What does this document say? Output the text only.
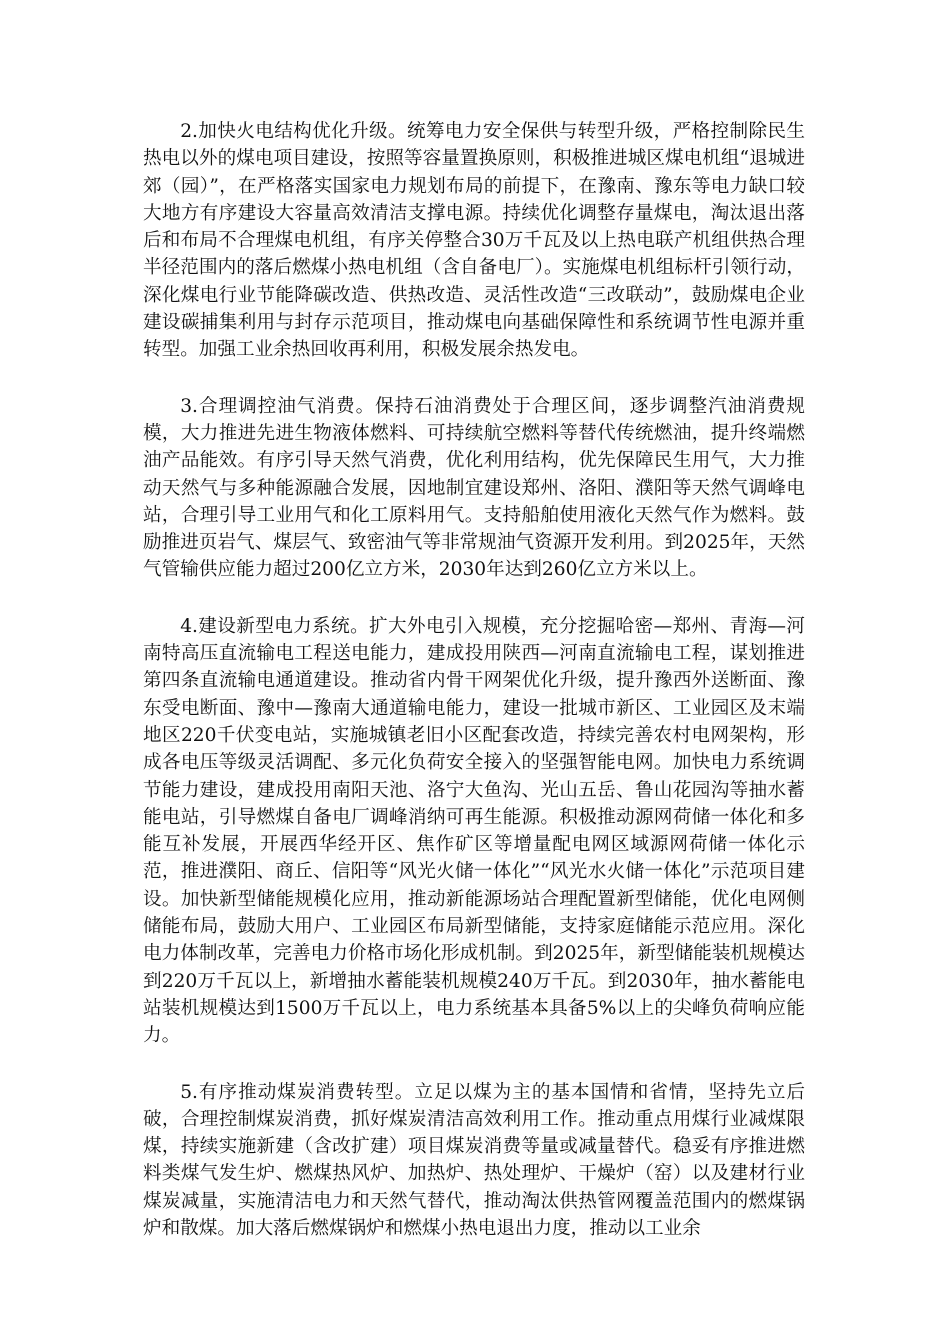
2.加快火电结构优化升级。统筹电力安全保供与转型升级，严格控制除民生热电以外的煤电项目建设，按照等容量置换原则，积极推进城区煤电机组“退城进郊（园）”，在严格落实国家电力规划布局的前提下，在豫南、豫东等电力缺口较大地方有序建设大容量高效清洁支撑电源。持续优化调整存量煤电，淘汰退出落后和布局不合理煤电机组，有序关停整合30万千瓦及以上热电联产机组供热合理半径范围内的落后燃煤小热电机组（含自备电厂）。实施煤电机组标杆引领行动，深化煤电行业节能降碳改造、供热改造、灵活性改造“三改联动”，鼓励煤电企业建设碳捕集利用与封存示范项目，推动煤电向基础保障性和系统调节性电源并重转型。加强工业余热回收再利用，积极发展余热发电。

3.合理调控油气消费。保持石油消费处于合理区间，逐步调整汽油消费规模，大力推进先进生物液体燃料、可持续航空燃料等替代传统燃油，提升终端燃油产品能效。有序引导天然气消费，优化利用结构，优先保障民生用气，大力推动天然气与多种能源融合发展，因地制宜建设郑州、洛阳、濮阳等天然气调峰电站，合理引导工业用气和化工原料用气。支持船舶使用液化天然气作为燃料。鼓励推进页岩气、煤层气、致密油气等非常规油气资源开发利用。到2025年，天然气管输供应能力超过200亿立方米，2030年达到260亿立方米以上。

4.建设新型电力系统。扩大外电引入规模，充分挖掘哈密—郑州、青海—河南特高压直流输电工程送电能力，建成投用陕西—河南直流输电工程，谋划推进第四条直流输电通道建设。推动省内骨干网架优化升级，提升豫西外送断面、豫东受电断面、豫中—豫南大通道输电能力，建设一批城市新区、工业园区及末端地区220千伏变电站，实施城镇老旧小区配套改造，持续完善农村电网架构，形成各电压等级灵活调配、多元化负荷安全接入的坚强智能电网。加快电力系统调节能力建设，建成投用南阳天池、洛宁大鱼沟、光山五岳、鲁山花园沟等抽水蓄能电站，引导燃煤自备电厂调峰消纳可再生能源。积极推动源网荷储一体化和多能互补发展，开展西华经开区、焦作矿区等增量配电网区域源网荷储一体化示范，推进濮阳、商丘、信阳等“风光火储一体化”“风光水火储一体化”示范项目建设。加快新型储能规模化应用，推动新能源场站合理配置新型储能，优化电网侧储能布局，鼓励大用户、工业园区布局新型储能，支持家庭储能示范应用。深化电力体制改革，完善电力价格市场化形成机制。到2025年，新型储能装机规模达到220万千瓦以上，新增抽水蓄能装机规模240万千瓦。到2030年，抽水蓄能电站装机规模达到1500万千瓦以上，电力系统基本具备5%以上的尖峰负荷响应能力。

5.有序推动煤炭消费转型。立足以煤为主的基本国情和省情，坚持先立后破，合理控制煤炭消费，抓好煤炭清洁高效利用工作。推动重点用煤行业减煤限煤，持续实施新建（含改扩建）项目煤炭消费等量或减量替代。稳妥有序推进燃料类煤气发生炉、燃煤热风炉、加热炉、热处理炉、干燥炉（窑）以及建材行业煤炭减量，实施清洁电力和天然气替代，推动淘汰供热管网覆盖范围内的燃煤锅炉和散煤。加大落后燃煤锅炉和燃煤小热电退出力度，推动以工业余
